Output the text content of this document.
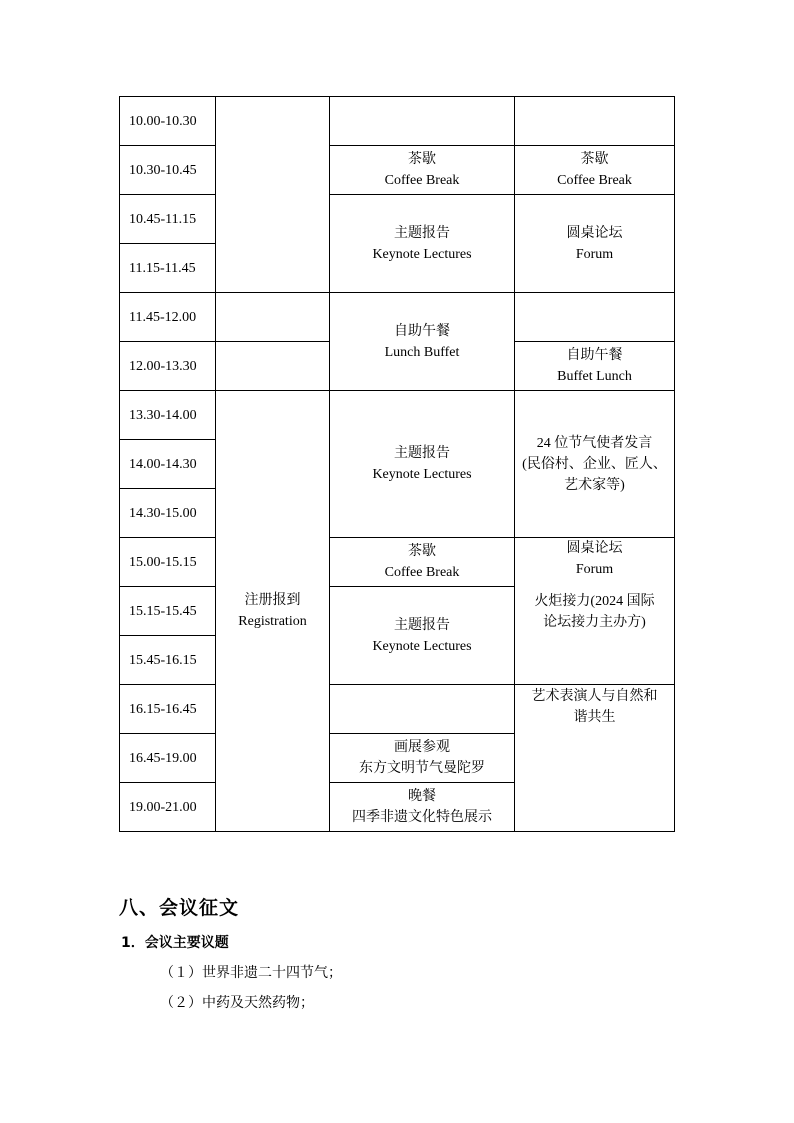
10.00-10.30			
10.30-10.45		茶歇
Coffee Break	茶歇
Coffee Break

10.45-11.15		主题报告
Keynote Lectures	圆桌论坛
Forum

11.15-11.45			
11.45-12.00		自助午餐
Lunch Buffet	

12.00-13.30			自助午餐
Buffet Lunch

13.30-14.00	注册报到
Registration	主题报告
Keynote Lectures	24 位节气使者发言
(民俗村、企业、匠人、
艺术家等)

14.00-14.30			
14.30-15.00			
15.00-15.15		茶歇
Coffee Break	圆桌论坛
Forum
火炬接力(2024 国际
论坛接力主办方)

15.15-15.45		主题报告
Keynote Lectures	

15.45-16.15			
16.15-16.45			艺术表演人与自然和
谐共生

16.45-19.00		画展参观
东方文明节气曼陀罗	

19.00-21.00		晚餐
四季非遗文化特色展示	
八、会议征文
1．会议主要议题
（１）世界非遗二十四节气；
（２）中药及天然药物；
